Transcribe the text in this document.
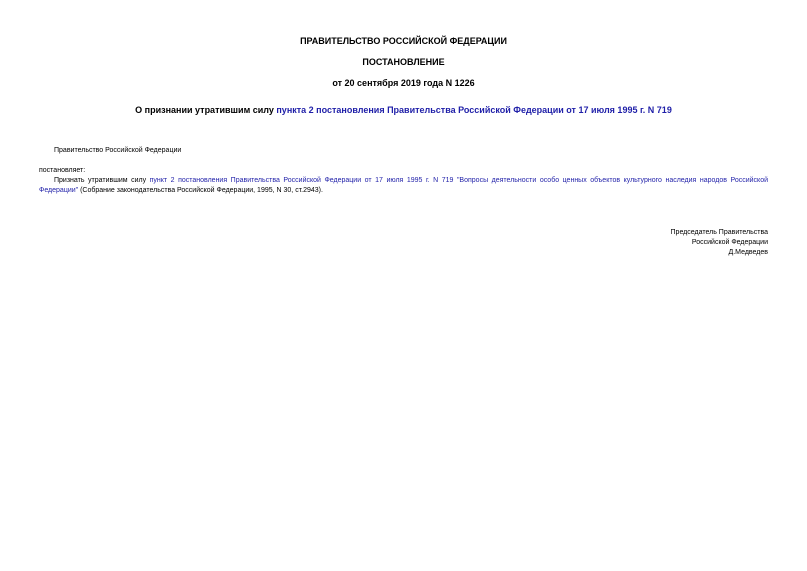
ПРАВИТЕЛЬСТВО РОССИЙСКОЙ ФЕДЕРАЦИИ
ПОСТАНОВЛЕНИЕ
от 20 сентября 2019 года N 1226
О признании утратившим силу пункта 2 постановления Правительства Российской Федерации от 17 июля 1995 г. N 719
Правительство Российской Федерации
постановляет:
Признать утратившим силу пункт 2 постановления Правительства Российской Федерации от 17 июля 1995 г. N 719 "Вопросы деятельности особо ценных объектов культурного наследия народов Российской Федерации" (Собрание законодательства Российской Федерации, 1995, N 30, ст.2943).
Председатель Правительства
Российской Федерации
Д.Медведев
